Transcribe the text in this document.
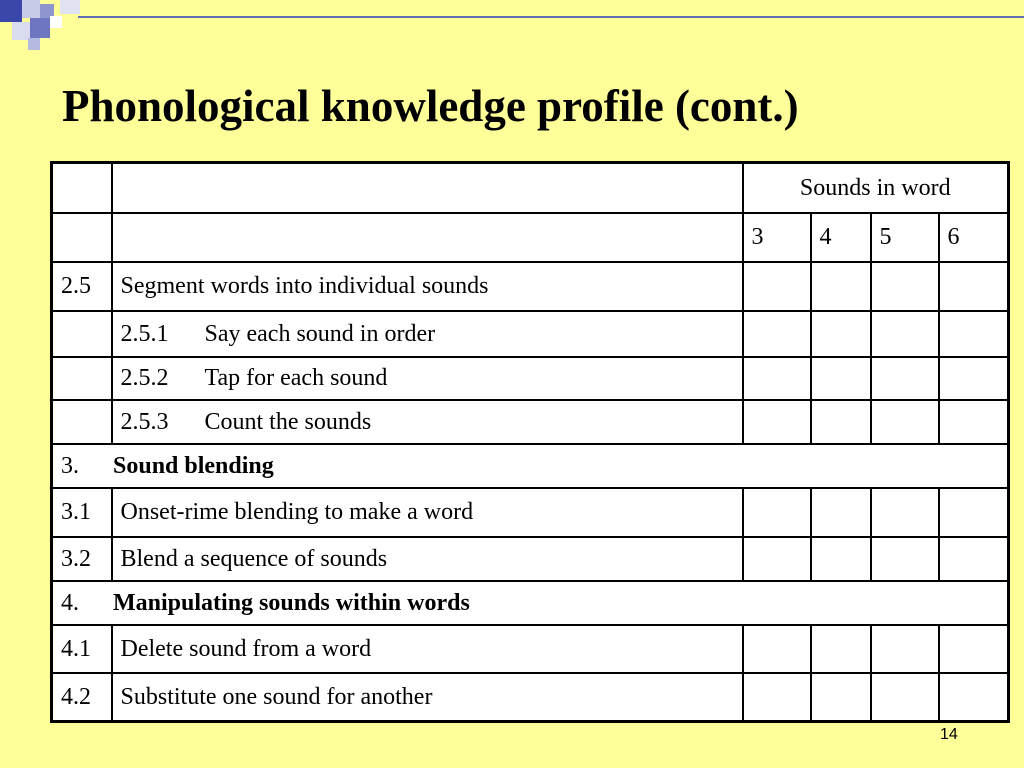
Phonological knowledge profile (cont.)
		Sounds in word			
		3	4	5	6
2.5	Segment words into individual sounds				
	2.5.1 Say each sound in order				
	2.5.2 Tap for each sound				
	2.5.3 Count the sounds				
3. Sound blending					
3.1	Onset-rime blending to make a word				
3.2	Blend a sequence of sounds				
4. Manipulating sounds within words					
4.1	Delete sound from a word				
4.2	Substitute one sound for another				
14
